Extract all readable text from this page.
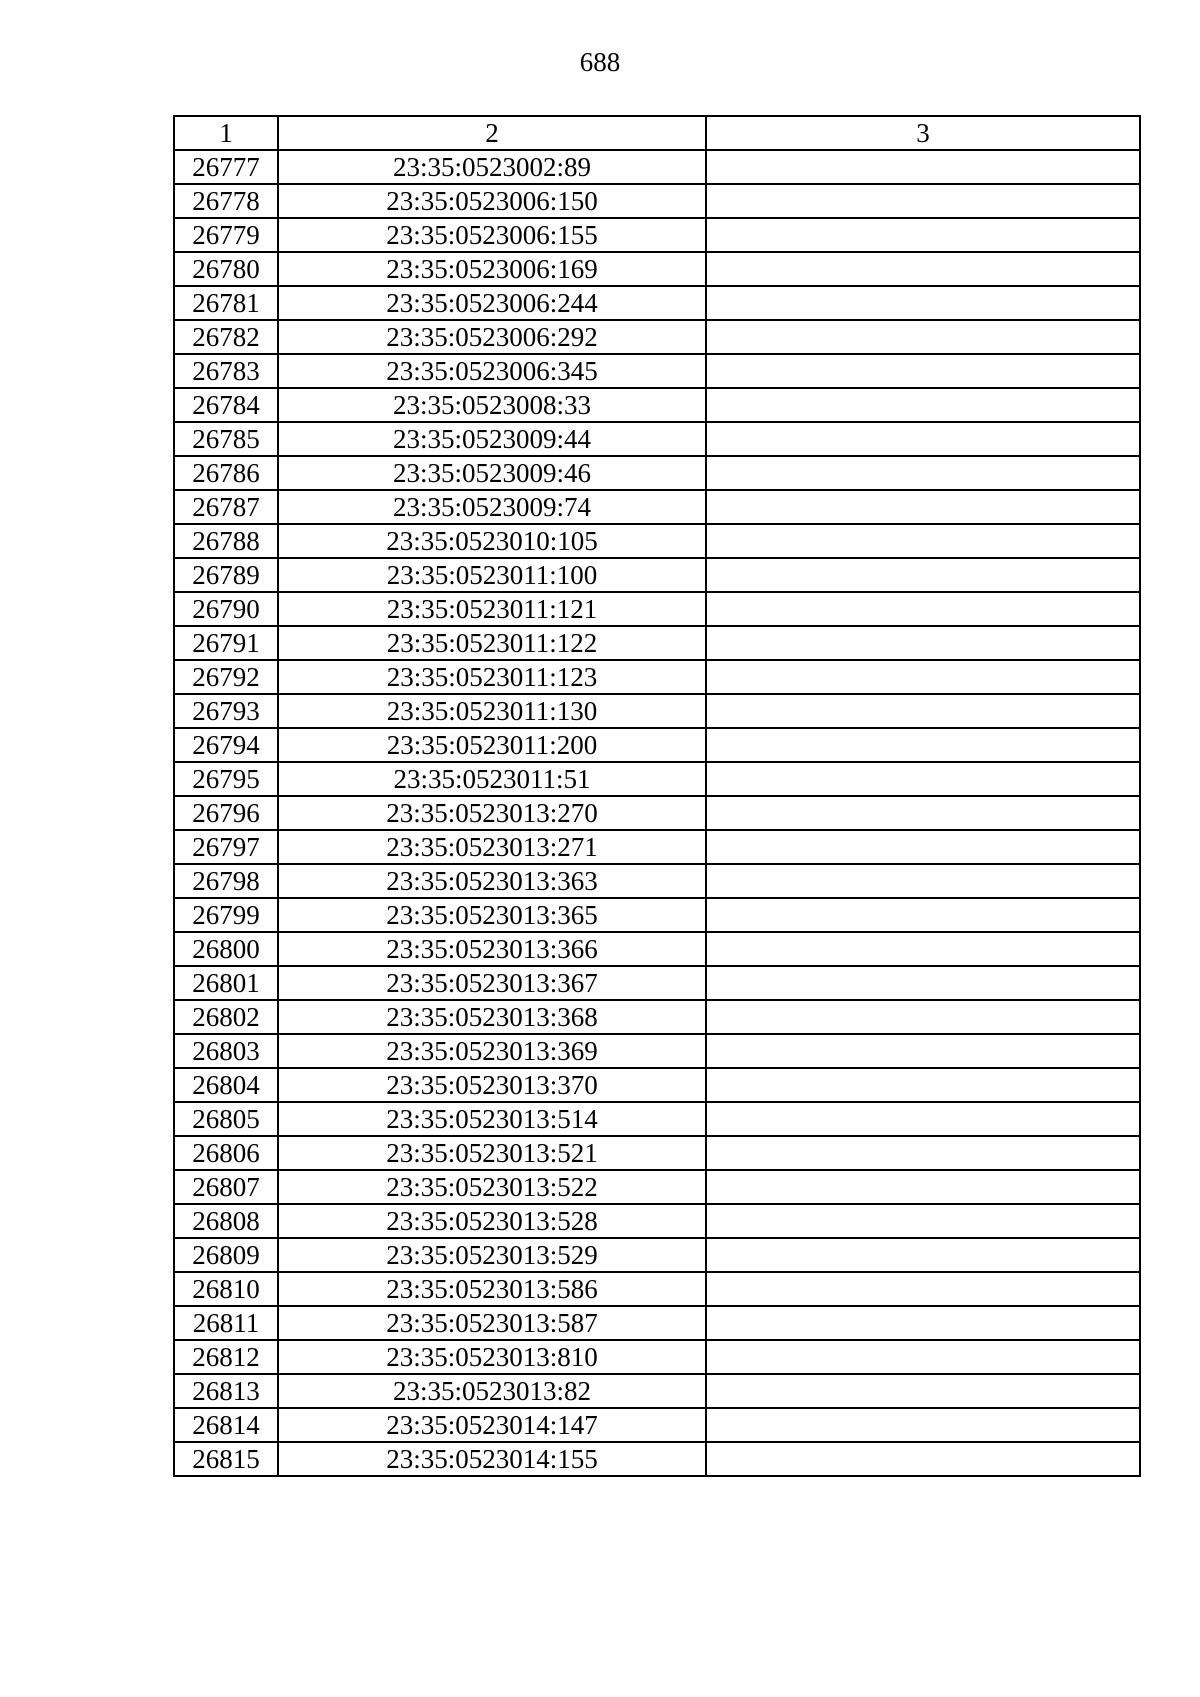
688
1	2	3
26777	23:35:0523002:89	
26778	23:35:0523006:150	
26779	23:35:0523006:155	
26780	23:35:0523006:169	
26781	23:35:0523006:244	
26782	23:35:0523006:292	
26783	23:35:0523006:345	
26784	23:35:0523008:33	
26785	23:35:0523009:44	
26786	23:35:0523009:46	
26787	23:35:0523009:74	
26788	23:35:0523010:105	
26789	23:35:0523011:100	
26790	23:35:0523011:121	
26791	23:35:0523011:122	
26792	23:35:0523011:123	
26793	23:35:0523011:130	
26794	23:35:0523011:200	
26795	23:35:0523011:51	
26796	23:35:0523013:270	
26797	23:35:0523013:271	
26798	23:35:0523013:363	
26799	23:35:0523013:365	
26800	23:35:0523013:366	
26801	23:35:0523013:367	
26802	23:35:0523013:368	
26803	23:35:0523013:369	
26804	23:35:0523013:370	
26805	23:35:0523013:514	
26806	23:35:0523013:521	
26807	23:35:0523013:522	
26808	23:35:0523013:528	
26809	23:35:0523013:529	
26810	23:35:0523013:586	
26811	23:35:0523013:587	
26812	23:35:0523013:810	
26813	23:35:0523013:82	
26814	23:35:0523014:147	
26815	23:35:0523014:155	
